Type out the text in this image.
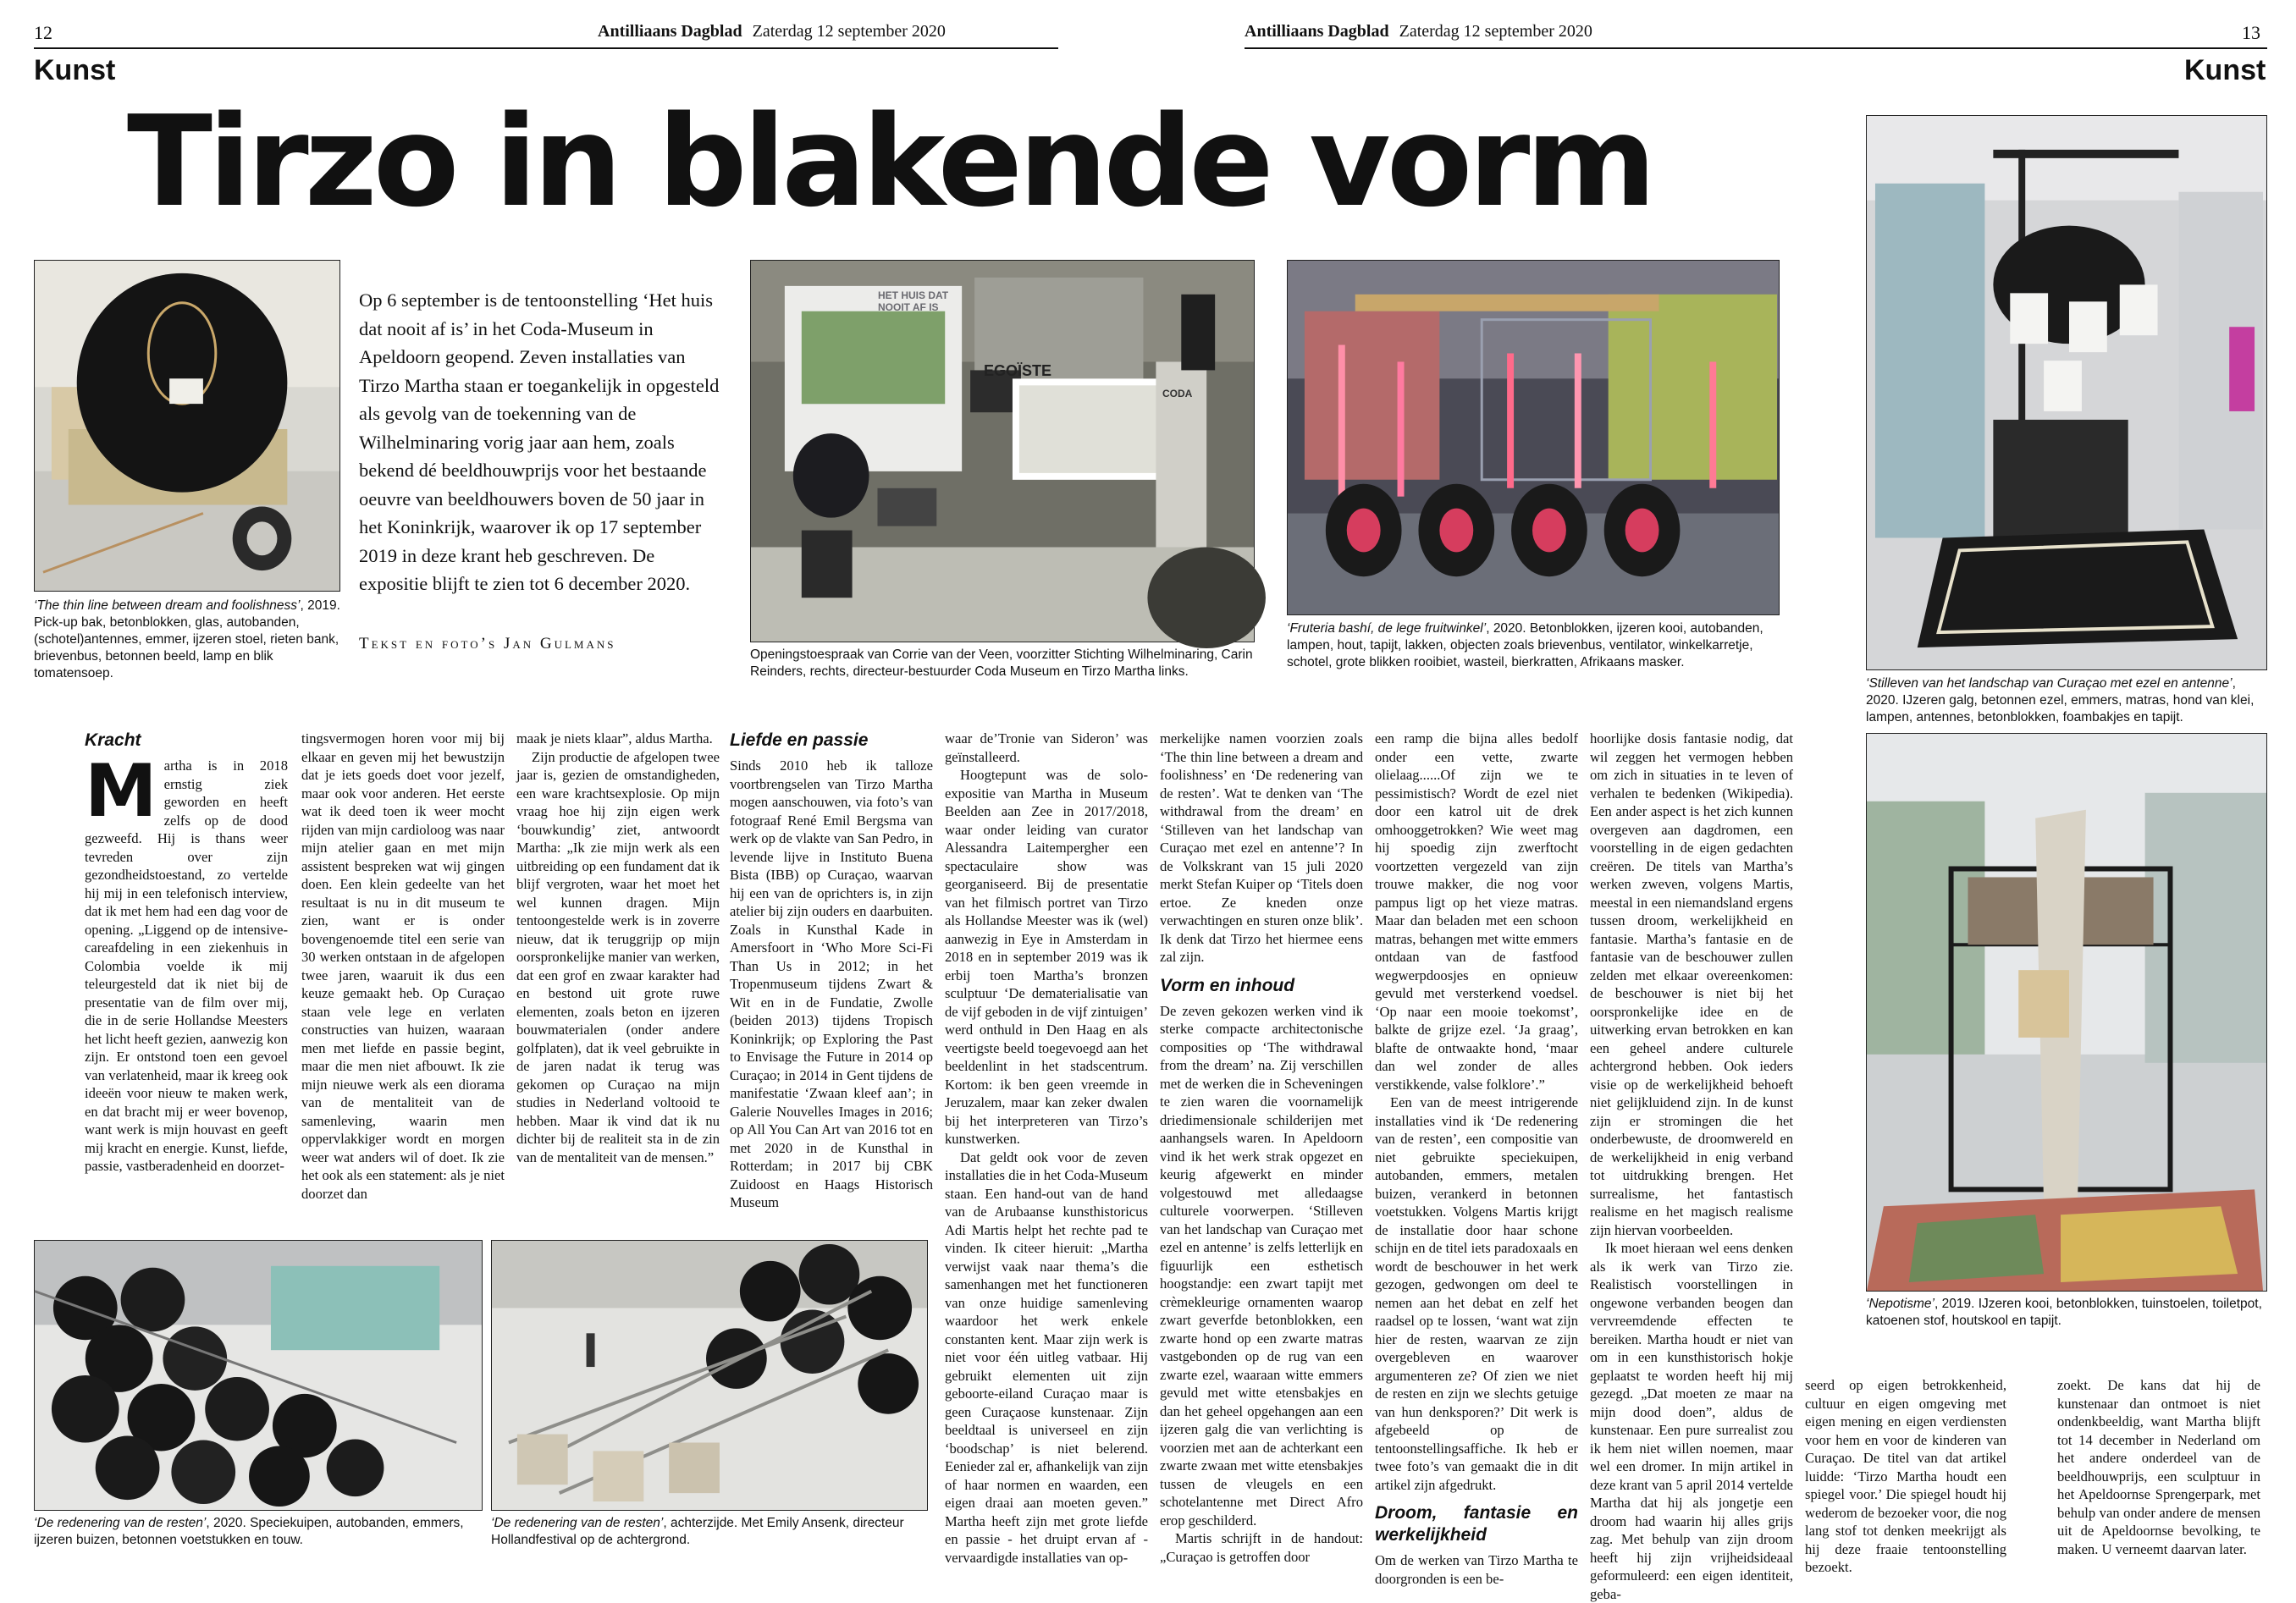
12	Antilliaans Dagblad Zaterdag 12 september 2020
Kunst
Antilliaans Dagblad Zaterdag 12 september 2020	13
Kunst
Tirzo in blakende vorm
‘The thin line between dream and foolishness’, 2019. Pick-up bak, betonblokken, glas, autobanden, (schotel)antennes, emmer, ijzeren stoel, rieten bank, brievenbus, betonnen beeld, lamp en blik tomatensoep.
Op 6 september is de tentoonstelling ‘Het huis dat nooit af is’ in het Coda-Museum in Apeldoorn geopend. Zeven installaties van Tirzo Martha staan er toegankelijk in opgesteld als gevolg van de toekenning van de Wilhelminaring vorig jaar aan hem, zoals bekend dé beeldhouwprijs voor het bestaande oeuvre van beeldhouwers boven de 50 jaar in het Koninkrijk, waarover ik op 17 september 2019 in deze krant heb geschreven. De expositie blijft te zien tot 6 december 2020.
Tekst en foto’s Jan Gulmans
HET HUIS DAT
NOOIT AF IS
EGOÏSTE
CODA
Openingstoespraak van Corrie van der Veen, voorzitter Stichting Wilhelminaring, Carin Reinders, rechts, directeur-bestuurder Coda Museum en Tirzo Martha links.
‘Fruteria bashí, de lege fruitwinkel’, 2020. Betonblokken, ijzeren kooi, autobanden, lampen, hout, tapijt, lakken, objecten zoals brievenbus, ventilator, winkelkarretje, schotel, grote blikken rooibiet, wasteil, bierkratten, Afrikaans masker.
‘Stilleven van het landschap van Curaçao met ezel en antenne’, 2020. IJzeren galg, betonnen ezel, emmers, matras, hond van klei, lampen, antennes, betonblokken, foambakjes en tapijt.
‘Nepotisme’, 2019. IJzeren kooi, betonblokken, tuinstoelen, toiletpot, katoenen stof, houtskool en tapijt.
‘De redenering van de resten’, 2020. Speciekuipen, autobanden, emmers, ijzeren buizen, betonnen voetstukken en touw.
‘De redenering van de resten’, achterzijde. Met Emily Ansenk, directeur Hollandfestival op de achtergrond.
Kracht

Martha is in 2018 ernstig ziek geworden en heeft zelfs op de dood gezweefd. Hij is thans weer tevreden over zijn gezondheidstoestand, zo vertelde hij mij in een telefonisch interview, dat ik met hem had een dag voor de opening. „Liggend op de intensive-careafdeling in een ziekenhuis in Colombia voelde ik mij teleurgesteld dat ik niet bij de presentatie van de film over mij, die in de serie Hollandse Meesters het licht heeft gezien, aanwezig kon zijn. Er ontstond toen een gevoel van verlatenheid, maar ik kreeg ook ideeën voor nieuw te maken werk, en dat bracht mij er weer bovenop, want werk is mijn houvast en geeft mij kracht en energie. Kunst, liefde, passie, vastberadenheid en doorzet-

tingsvermogen horen voor mij bij elkaar en geven mij het bewustzijn dat je iets goeds doet voor jezelf, maar ook voor anderen. Het eerste wat ik deed toen ik weer mocht rijden van mijn cardioloog was naar mijn atelier gaan en met mijn assistent bespreken wat wij gingen doen. Een klein gedeelte van het resultaat is nu in dit museum te zien, want er is onder bovengenoemde titel een serie van 30 werken ontstaan in de afgelopen twee jaren, waaruit ik dus een keuze gemaakt heb. Op Curaçao staan vele lege en verlaten constructies van huizen, waaraan men met liefde en passie begint, maar die men niet afbouwt. Ik zie mijn nieuwe werk als een diorama van de mentaliteit van de samenleving, waarin men oppervlakkiger wordt en morgen weer wat anders wil of doet. Ik zie het ook als een statement: als je niet doorzet dan

maak je niets klaar”, aldus Martha.

Zijn productie de afgelopen twee jaar is, gezien de omstandigheden, een ware krachtsexplosie. Op mijn vraag hoe hij zijn eigen werk ‘bouwkundig’ ziet, antwoordt Martha: „Ik zie mijn werk als een uitbreiding op een fundament dat ik blijf vergroten, waar het moet het wel kunnen dragen. Mijn tentoongestelde werk is in zoverre nieuw, dat ik teruggrijp op mijn oorspronkelijke manier van werken, dat een grof en zwaar karakter had en bestond uit grote ruwe elementen, zoals beton en ijzeren bouwmaterialen (onder andere golfplaten), dat ik veel gebruikte in de jaren nadat ik terug was gekomen op Curaçao na mijn studies in Nederland voltooid te hebben. Maar ik vind dat ik nu dichter bij de realiteit sta in de zin van de mentaliteit van de mensen.”

Liefde en passie

Sinds 2010 heb ik talloze voortbrengselen van Tirzo Martha mogen aanschouwen, via foto’s van fotograaf René Emil Bergsma van werk op de vlakte van San Pedro, in levende lijve in Instituto Buena Bista (IBB) op Curaçao, waarvan hij een van de oprichters is, in zijn atelier bij zijn ouders en daarbuiten. Zoals in Kunsthal Kade in Amersfoort in ‘Who More Sci-Fi Than Us in 2012; in het Tropenmuseum tijdens Zwart & Wit en in de Fundatie, Zwolle (beiden 2013) tijdens Tropisch Koninkrijk; op Exploring the Past to Envisage the Future in 2014 op Curaçao; in 2014 in Gent tijdens de manifestatie ‘Zwaan kleef aan’; in Galerie Nouvelles Images in 2016; op All You Can Art van 2016 tot en met 2020 in de Kunsthal in Rotterdam; in 2017 bij CBK Zuidoost en Haags Historisch Museum

waar de’Tronie van Sideron’ was geïnstalleerd.

Hoogtepunt was de solo-expositie van Martha in Museum Beelden aan Zee in 2017/2018, waar onder leiding van curator Alessandra Laitempergher een spectaculaire show was georganiseerd. Bij de presentatie van het filmisch portret van Tirzo als Hollandse Meester was ik (wel) aanwezig in Eye in Amsterdam in 2018 en in september 2019 was ik erbij toen Martha’s bronzen sculptuur ‘De dematerialisatie van de vijf geboden in de vijf zintuigen’ werd onthuld in Den Haag en als veertigste beeld toegevoegd aan het beeldenlint in het stadscentrum. Kortom: ik ben geen vreemde in Jeruzalem, maar kan zeker dwalen bij het interpreteren van Tirzo’s kunstwerken.

Dat geldt ook voor de zeven installaties die in het Coda-Museum staan. Een hand-out van de hand van de Arubaanse kunsthistoricus Adi Martis helpt het rechte pad te vinden. Ik citeer hieruit: „Martha verwijst vaak naar thema’s die samenhangen met het functioneren van onze huidige samenleving waardoor het werk enkele constanten kent. Maar zijn werk is niet voor één uitleg vatbaar. Hij gebruikt elementen uit zijn geboorte-eiland Curaçao maar is geen Curaçaose kunstenaar. Zijn beeldtaal is universeel en zijn ‘boodschap’ is niet belerend. Eenieder zal er, afhankelijk van zijn of haar normen en waarden, een eigen draai aan moeten geven.” Martha heeft zijn met grote liefde en passie - het druipt ervan af - vervaardigde installaties van op-

merkelijke namen voorzien zoals ‘The thin line between a dream and foolishness’ en ‘De redenering van de resten’. Wat te denken van ‘The withdrawal from the dream’ en ‘Stilleven van het landschap van Curaçao met ezel en antenne’? In de Volkskrant van 15 juli 2020 merkt Stefan Kuiper op ‘Titels doen ertoe. Ze kneden onze verwachtingen en sturen onze blik’. Ik denk dat Tirzo het hiermee eens zal zijn.

Vorm en inhoud

De zeven gekozen werken vind ik sterke compacte architectonische composities op ‘The withdrawal from the dream’ na. Zij verschillen met de werken die in Scheveningen te zien waren die voornamelijk driedimensionale schilderijen met aanhangsels waren. In Apeldoorn vind ik het werk strak opgezet en keurig afgewerkt en minder volgestouwd met alledaagse culturele voorwerpen. ‘Stilleven van het landschap van Curaçao met ezel en antenne’ is zelfs letterlijk en figuurlijk een esthetisch hoogstandje: een zwart tapijt met crèmekleurige ornamenten waarop zwart geverfde betonblokken, een zwarte hond op een zwarte matras vastgebonden op de rug van een zwarte ezel, waaraan witte emmers gevuld met witte etensbakjes en dan het geheel opgehangen aan een ijzeren galg die van verlichting is voorzien met aan de achterkant een zwarte zwaan met witte etensbakjes tussen de vleugels en een schotelantenne met Direct Afro erop geschilderd.

Martis schrijft in de handout: „Curaçao is getroffen door

een ramp die bijna alles bedolf onder een vette, zwarte olielaag......Of zijn we te pessimistisch? Wordt de ezel niet door een katrol uit de drek omhooggetrokken? Wie weet mag hij spoedig zijn zwerftocht voortzetten vergezeld van zijn trouwe makker, die nog voor pampus ligt op het vieze matras. Maar dan beladen met een schoon matras, behangen met witte emmers ontdaan van de fastfood wegwerpdoosjes en opnieuw gevuld met versterkend voedsel. ‘Op naar een mooie toekomst’, balkte de grijze ezel. ‘Ja graag’, blafte de ontwaakte hond, ‘maar dan wel zonder de alles verstikkende, valse folklore’.”

Een van de meest intrigerende installaties vind ik ‘De redenering van de resten’, een compositie van niet gebruikte speciekuipen, autobanden, emmers, metalen buizen, verankerd in betonnen voetstukken. Volgens Martis krijgt de installatie door haar schone schijn en de titel iets paradoxaals en wordt de beschouwer in het werk gezogen, gedwongen om deel te nemen aan het debat en zelf het raadsel op te lossen, ‘want wat zijn hier de resten, waarvan ze zijn overgebleven en waarover argumenteren ze? Of zien we niet de resten en zijn we slechts getuige van hun denksporen?’ Dit werk is afgebeeld op de tentoonstellingsaffiche. Ik heb er twee foto’s van gemaakt die in dit artikel zijn afgedrukt.

Droom, fantasie en werkelijkheid

Om de werken van Tirzo Martha te doorgronden is een be-

hoorlijke dosis fantasie nodig, dat wil zeggen het vermogen hebben om zich in situaties in te leven of verhalen te bedenken (Wikipedia). Een ander aspect is het zich kunnen overgeven aan dagdromen, een voorstelling in de eigen gedachten creëren. De titels van Martha’s werken zweven, volgens Martis, meestal in een niemandsland ergens tussen droom, werkelijkheid en fantasie. Martha’s fantasie en de fantasie van de beschouwer zullen zelden met elkaar overeenkomen: de beschouwer is niet bij het oorspronkelijke idee en de uitwerking ervan betrokken en kan een geheel andere culturele achtergrond hebben. Ook ieders visie op de werkelijkheid behoeft niet gelijkluidend zijn. In de kunst zijn er stromingen die het onderbewuste, de droomwereld en de werkelijkheid in enig verband tot uitdrukking brengen. Het surrealisme, het fantastisch realisme en het magisch realisme zijn hiervan voorbeelden.

Ik moet hieraan wel eens denken als ik werk van Tirzo zie. Realistisch voorstellingen in ongewone verbanden beogen dan vervreemdende effecten te bereiken. Martha houdt er niet van om in een kunsthistorisch hokje geplaatst te worden heeft hij mij gezegd. „Dat moeten ze maar na mijn dood doen”, aldus de kunstenaar. Een pure surrealist zou ik hem niet willen noemen, maar wel een dromer. In mijn artikel in deze krant van 5 april 2014 vertelde Martha dat hij als jongetje een droom had waarin hij alles grijs zag. Met behulp van zijn droom heeft hij zijn vrijheidsideaal geformuleerd: een eigen identiteit, geba-

seerd op eigen betrokkenheid, cultuur en eigen omgeving met eigen mening en eigen verdiensten voor hem en voor de kinderen van Curaçao. De titel van dat artikel luidde: ‘Tirzo Martha houdt een spiegel voor.’ Die spiegel houdt hij wederom de bezoeker voor, die nog lang stof tot denken meekrijgt als hij deze fraaie tentoonstelling bezoekt.

zoekt. De kans dat hij de kunstenaar dan ontmoet is niet ondenkbeeldig, want Martha blijft tot 14 december in Nederland om het andere onderdeel van de beeldhouwprijs, een sculptuur in het Apeldoornse Sprengerpark, met behulp van onder andere de mensen uit de Apeldoornse bevolking, te maken. U verneemt daarvan later.
